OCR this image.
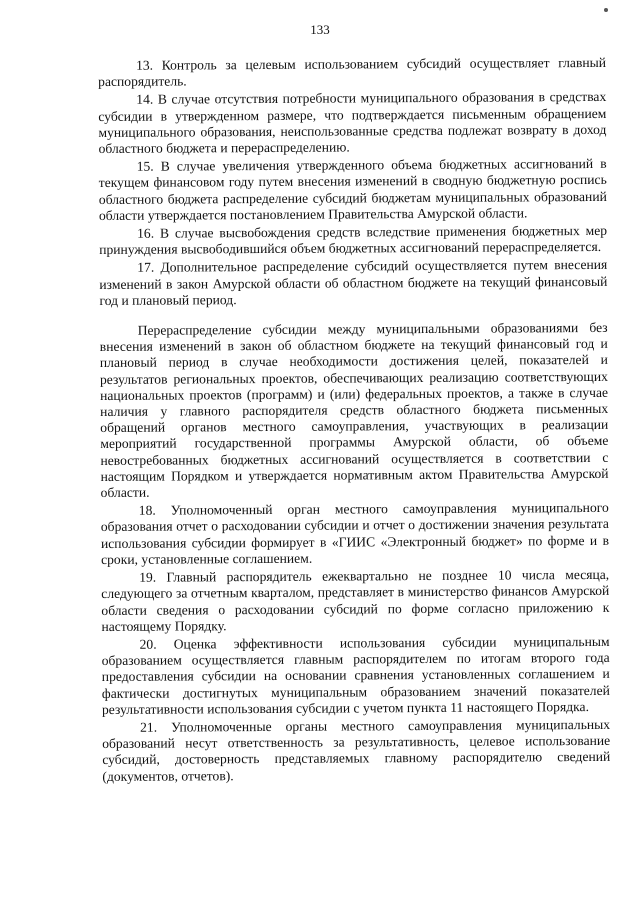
133

13. Контроль за целевым использованием субсидий осуществляет главный распорядитель.

14. В случае отсутствия потребности муниципального образования в средствах субсидии в утвержденном размере, что подтверждается письменным обращением муниципального образования, неиспользованные средства подлежат возврату в доход областного бюджета и перераспределению.

15. В случае увеличения утвержденного объема бюджетных ассигнований в текущем финансовом году путем внесения изменений в сводную бюджетную роспись областного бюджета распределение субсидий бюджетам муниципальных образований области утверждается постановлением Правительства Амурской области.

16. В случае высвобождения средств вследствие применения бюджетных мер принуждения высвободившийся объем бюджетных ассигнований перераспределяется.

17. Дополнительное распределение субсидий осуществляется путем внесения изменений в закон Амурской области об областном бюджете на текущий финансовый год и плановый период.

Перераспределение субсидии между муниципальными образованиями без внесения изменений в закон об областном бюджете на текущий финансовый год и плановый период в случае необходимости достижения целей, показателей и результатов региональных проектов, обеспечивающих реализацию соответствующих национальных проектов (программ) и (или) федеральных проектов, а также в случае наличия у главного распорядителя средств областного бюджета письменных обращений органов местного самоуправления, участвующих в реализации мероприятий государственной программы Амурской области, об объеме невостребованных бюджетных ассигнований осуществляется в соответствии с настоящим Порядком и утверждается нормативным актом Правительства Амурской области.

18. Уполномоченный орган местного самоуправления муниципального образования отчет о расходовании субсидии и отчет о достижении значения результата использования субсидии формирует в «ГИИС «Электронный бюджет» по форме и в сроки, установленные соглашением.

19. Главный распорядитель ежеквартально не позднее 10 числа месяца, следующего за отчетным кварталом, представляет в министерство финансов Амурской области сведения о расходовании субсидий по форме согласно приложению к настоящему Порядку.

20. Оценка эффективности использования субсидии муниципальным образованием осуществляется главным распорядителем по итогам второго года предоставления субсидии на основании сравнения установленных соглашением и фактически достигнутых муниципальным образованием значений показателей результативности использования субсидии с учетом пункта 11 настоящего Порядка.

21. Уполномоченные органы местного самоуправления муниципальных образований несут ответственность за результативность, целевое использование субсидий, достоверность представляемых главному распорядителю сведений (документов, отчетов).
